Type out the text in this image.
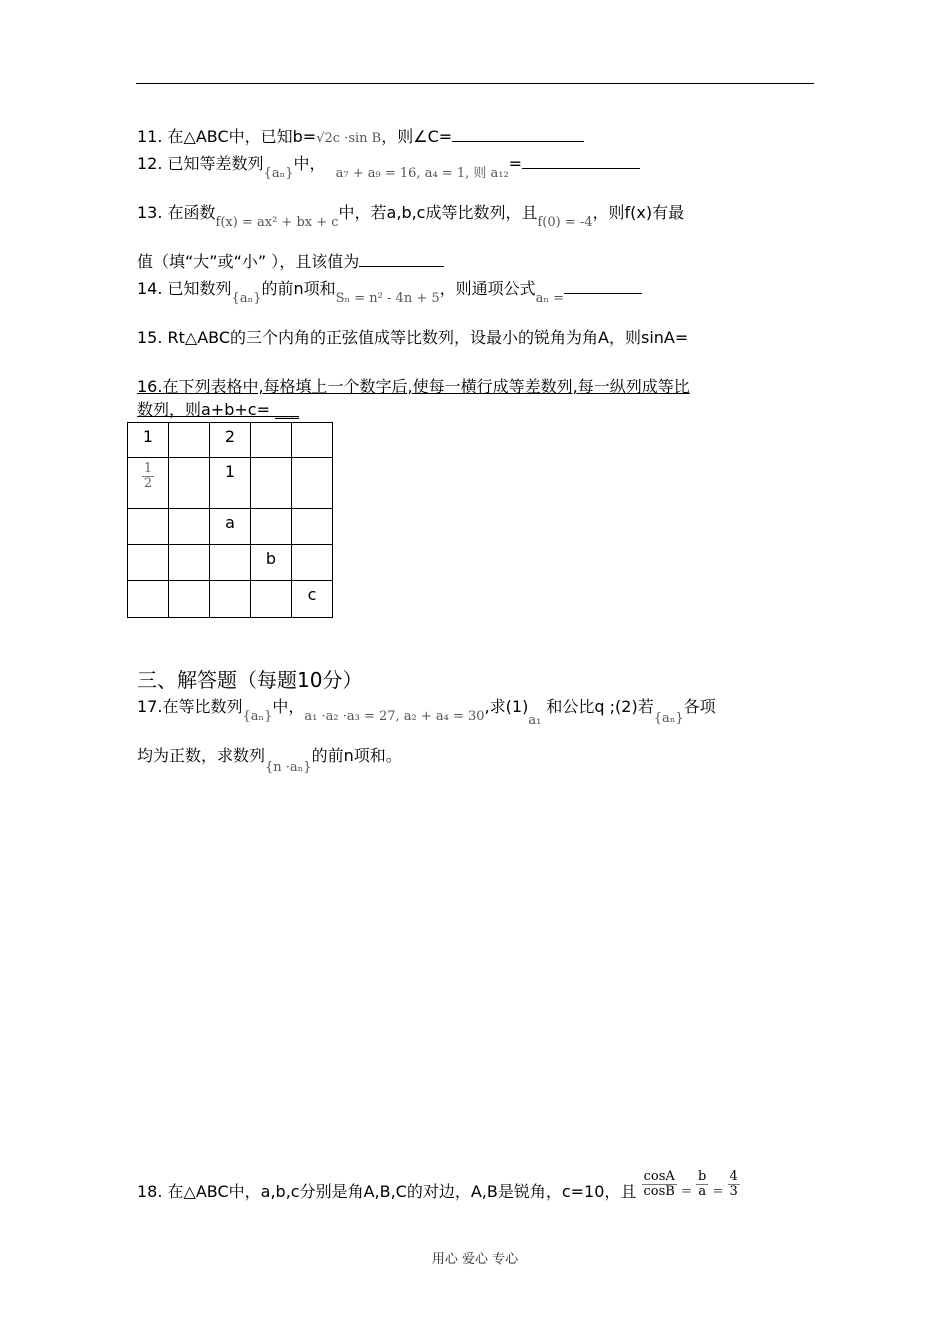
11. 在△ABC中，已知b=√2c ·sin B，则∠C=
12. 已知等差数列$_{\{a_n\}}$中，  $_{a_7 + a_9 = 16, a_4 = 1, 则 a_{12}}$=
13. 在函数$_{f(x) = ax^2 + bx + c}$中，若a,b,c成等比数列，且$_{f(0) = -4}$，则f(x)有最
值（填“大”或“小” ），且该值为
14. 已知数列$_{\{a_n\}}$的前n项和$_{S_n = n^2 - 4n + 5}$，则通项公式$_{a_n =}$
15. Rt△ABC的三个内角的正弦值成等比数列，设最小的锐角为角A，则sinA=
16.在下列表格中,每格填上一个数字后,使每一横行成等差数列,每一纵列成等比
数列，则a+b+c= ___
1		2		

$\frac{1}{2}$		1		
		a		
			b	
				c
三、解答题（每题10分）
17.在等比数列$_{\{a_n\}}$中，$_{a_1 \cdot a_2 \cdot a_3 = 27, a_2 + a_4 = 30}$,求$(1)_{a_1}$ 和公比q ;(2)若$_{\{a_n\}}$各项
均为正数，求数列$_{\{n \cdot a_n\}}$的前n项和。
18. 在△ABC中，a,b,c分别是角A,B,C的对边，A,B是锐角，c=10，且 $\frac{\cos A}{\cos B} = \frac{b}{a} = \frac{4}{3}$
用心 爱心 专心
